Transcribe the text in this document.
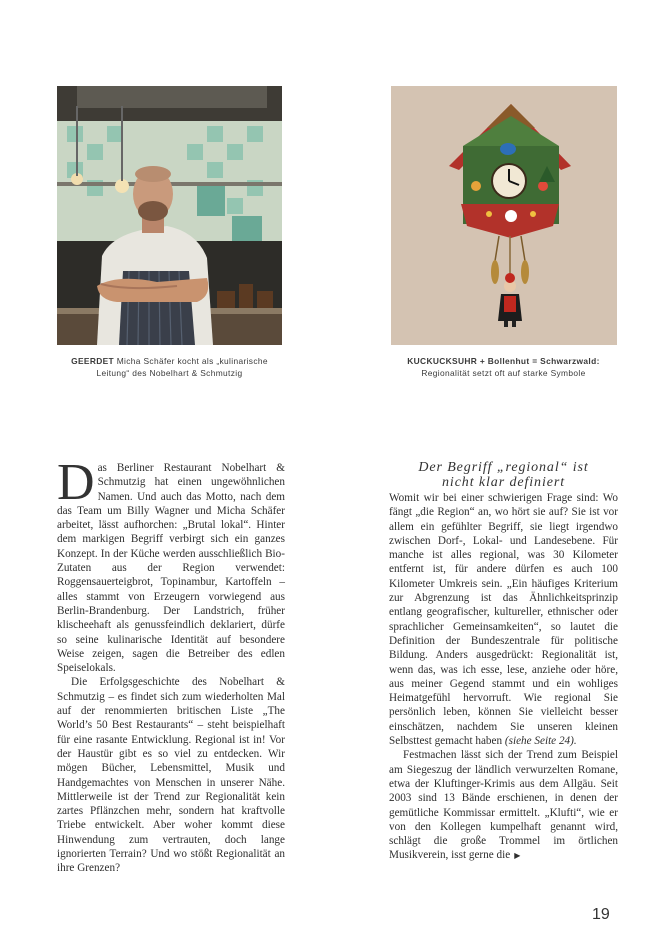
GEERDET Micha Schäfer kocht als „kulinarische Leitung“ des Nobelhart & Schmutzig
KUCKUCKSUHR + Bollenhut = Schwarzwald:
Regionalität setzt oft auf starke Symbole

Das Berliner Restaurant Nobelhart & Schmutzig hat einen ungewöhnlichen Namen. Und auch das Motto, nach dem das Team um Billy Wagner und Micha Schäfer arbeitet, lässt aufhorchen: „Brutal lokal“. Hinter dem markigen Begriff verbirgt sich ein ganzes Konzept. In der Küche werden ausschließlich Bio-Zutaten aus der Region verwendet: Roggensauerteigbrot, Topinambur, Kartoffeln – alles stammt von Erzeugern vorwiegend aus Berlin-Brandenburg. Der Landstrich, früher klischeehaft als genussfeindlich deklariert, dürfe so seine kulinarische Identität auf besondere Weise zeigen, sagen die Betreiber des edlen Speiselokals.

Die Erfolgsgeschichte des Nobelhart & Schmutzig – es findet sich zum wiederholten Mal auf der renommierten britischen Liste „The World’s 50 Best Restaurants“ – steht beispielhaft für eine rasante Entwicklung. Regional ist in! Vor der Haustür gibt es so viel zu entdecken. Wir mögen Bücher, Lebensmittel, Musik und Handgemachtes von Menschen in unserer Nähe. Mittlerweile ist der Trend zur Regionalität kein zartes Pflänzchen mehr, sondern hat kraftvolle Triebe entwickelt. Aber woher kommt diese Hinwendung zum vertrauten, doch lange ignorierten Terrain? Und wo stößt Regionalität an ihre Grenzen?

Der Begriff „regional“ ist
nicht klar definiert

Womit wir bei einer schwierigen Frage sind: Wo fängt „die Region“ an, wo hört sie auf? Sie ist vor allem ein gefühlter Begriff, sie liegt irgendwo zwischen Dorf-, Lokal- und Landesebene. Für manche ist alles regional, was 30 Kilometer entfernt ist, für andere dürfen es auch 100 Kilometer Umkreis sein. „Ein häufiges Kriterium zur Abgrenzung ist das Ähnlichkeitsprinzip entlang geografischer, kultureller, ethnischer oder sprachlicher Gemeinsamkeiten“, so lautet die Definition der Bundeszentrale für politische Bildung. Anders ausgedrückt: Regionalität ist, wenn das, was ich esse, lese, anziehe oder höre, aus meiner Gegend stammt und ein wohliges Heimatgefühl hervorruft. Wie regional Sie persönlich leben, können Sie vielleicht besser einschätzen, nachdem Sie unseren kleinen Selbsttest gemacht haben (siehe Seite 24).

Festmachen lässt sich der Trend zum Beispiel am Siegeszug der ländlich verwurzelten Romane, etwa der Kluftinger-Krimis aus dem Allgäu. Seit 2003 sind 13 Bände erschienen, in denen der gemütliche Kommissar ermittelt. „Klufti“, wie er von den Kollegen kumpelhaft genannt wird, schlägt die große Trommel im örtlichen Musikverein, isst gerne die ▶

19
